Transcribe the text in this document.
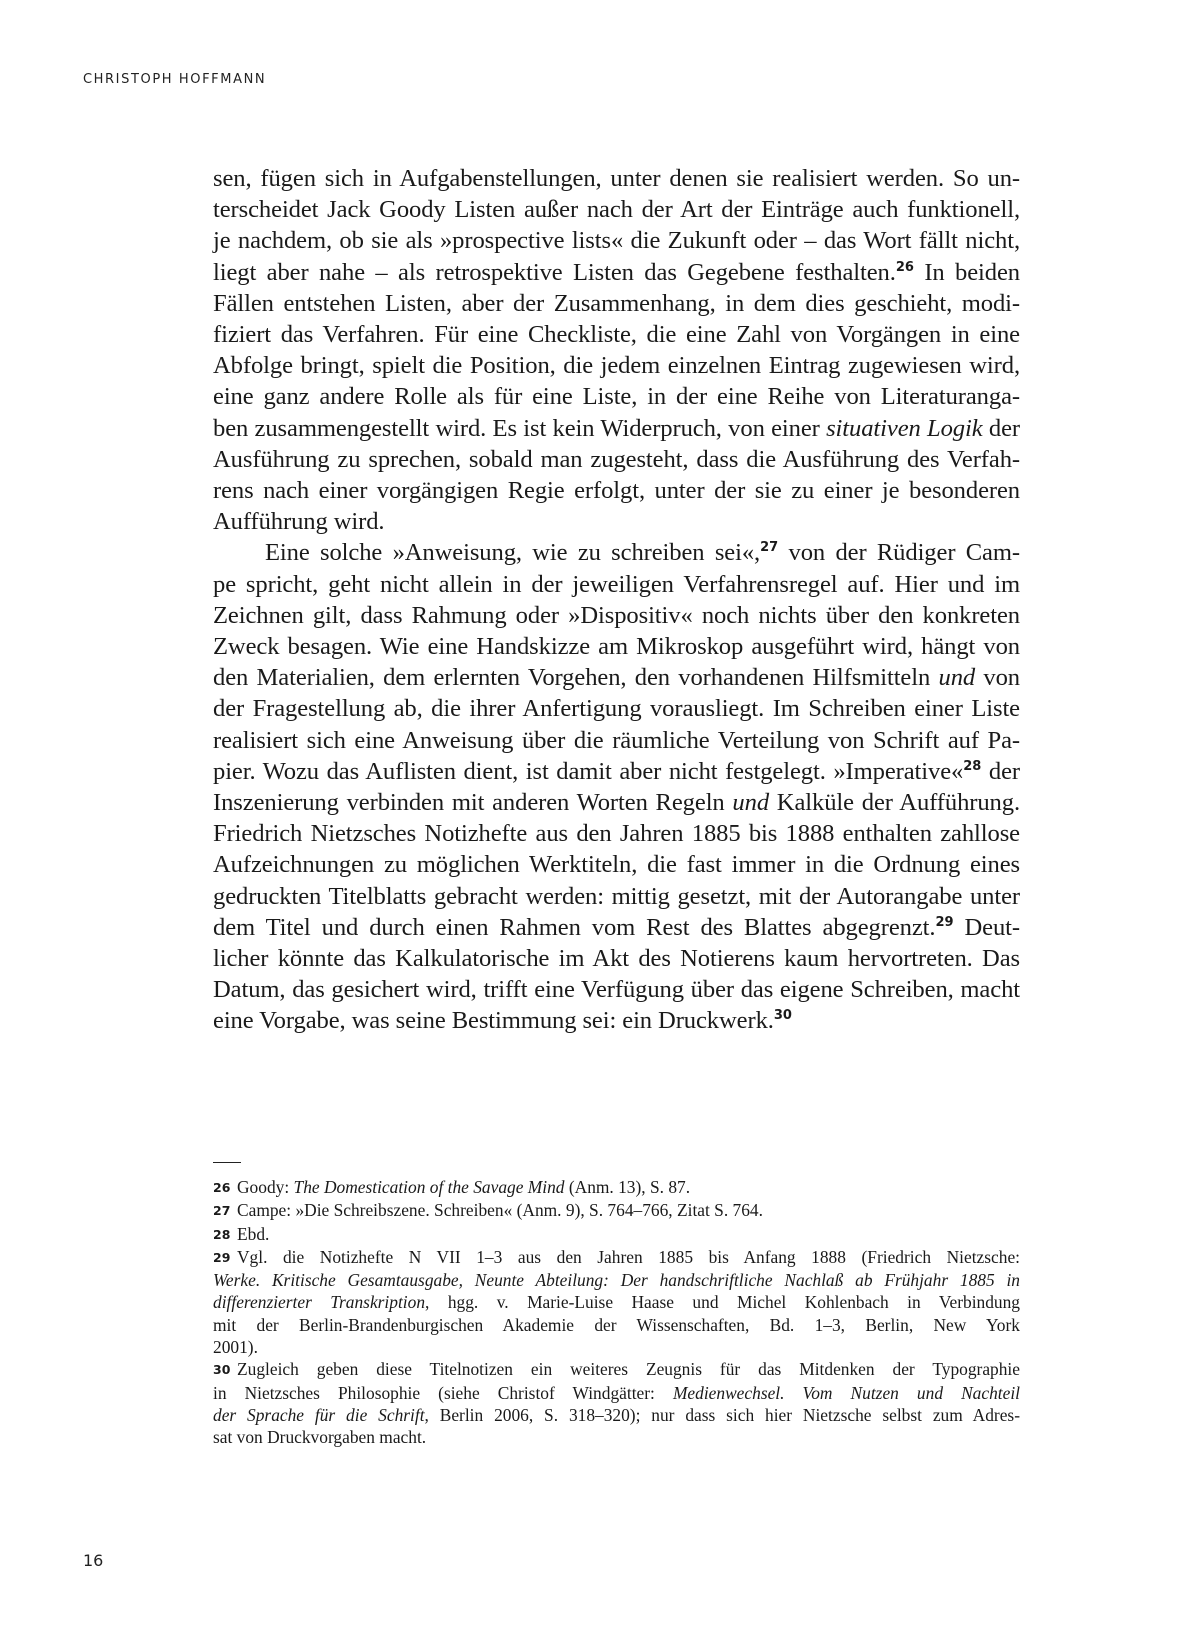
CHRISTOPH HOFFMANN
sen, fügen sich in Aufgabenstellungen, unter denen sie realisiert werden. So un-
terscheidet Jack Goody Listen außer nach der Art der Einträge auch funktionell,
je nachdem, ob sie als »prospective lists« die Zukunft oder – das Wort fällt nicht,
liegt aber nahe – als retrospektive Listen das Gegebene festhalten.$^{26}$ In beiden
Fällen entstehen Listen, aber der Zusammenhang, in dem dies geschieht, modi-
fiziert das Verfahren. Für eine Checkliste, die eine Zahl von Vorgängen in eine
Abfolge bringt, spielt die Position, die jedem einzelnen Eintrag zugewiesen wird,
eine ganz andere Rolle als für eine Liste, in der eine Reihe von Literaturanga-
ben zusammengestellt wird. Es ist kein Widerpruch, von einer situativen Logik der
Ausführung zu sprechen, sobald man zugesteht, dass die Ausführung des Verfah-
rens nach einer vorgängigen Regie erfolgt, unter der sie zu einer je besonderen
Aufführung wird.
Eine solche »Anweisung, wie zu schreiben sei«,$^{27}$ von der Rüdiger Cam-
pe spricht, geht nicht allein in der jeweiligen Verfahrensregel auf. Hier und im
Zeichnen gilt, dass Rahmung oder »Dispositiv« noch nichts über den konkreten
Zweck besagen. Wie eine Handskizze am Mikroskop ausgeführt wird, hängt von
den Materialien, dem erlernten Vorgehen, den vorhandenen Hilfsmitteln und von
der Fragestellung ab, die ihrer Anfertigung vorausliegt. Im Schreiben einer Liste
realisiert sich eine Anweisung über die räumliche Verteilung von Schrift auf Pa-
pier. Wozu das Auflisten dient, ist damit aber nicht festgelegt. »Imperative«$^{28}$ der
Inszenierung verbinden mit anderen Worten Regeln und Kalküle der Aufführung.
Friedrich Nietzsches Notizhefte aus den Jahren 1885 bis 1888 enthalten zahllose
Aufzeichnungen zu möglichen Werktiteln, die fast immer in die Ordnung eines
gedruckten Titelblatts gebracht werden: mittig gesetzt, mit der Autorangabe unter
dem Titel und durch einen Rahmen vom Rest des Blattes abgegrenzt.$^{29}$ Deut-
licher könnte das Kalkulatorische im Akt des Notierens kaum hervortreten. Das
Datum, das gesichert wird, trifft eine Verfügung über das eigene Schreiben, macht
eine Vorgabe, was seine Bestimmung sei: ein Druckwerk.$^{30}$
26 Goody: The Domestication of the Savage Mind (Anm. 13), S. 87.
27 Campe: »Die Schreibszene. Schreiben« (Anm. 9), S. 764–766, Zitat S. 764.
28 Ebd.
29 Vgl. die Notizhefte N VII 1–3 aus den Jahren 1885 bis Anfang 1888 (Friedrich Nietzsche:
Werke. Kritische Gesamtausgabe, Neunte Abteilung: Der handschriftliche Nachlaß ab Frühjahr 1885 in
differenzierter Transkription, hgg. v. Marie-Luise Haase und Michel Kohlenbach in Verbindung
mit der Berlin-Brandenburgischen Akademie der Wissenschaften, Bd. 1–3, Berlin, New York
2001).
30 Zugleich geben diese Titelnotizen ein weiteres Zeugnis für das Mitdenken der Typographie
in Nietzsches Philosophie (siehe Christof Windgätter: Medienwechsel. Vom Nutzen und Nachteil
der Sprache für die Schrift, Berlin 2006, S. 318–320); nur dass sich hier Nietzsche selbst zum Adres-
sat von Druckvorgaben macht.
16
